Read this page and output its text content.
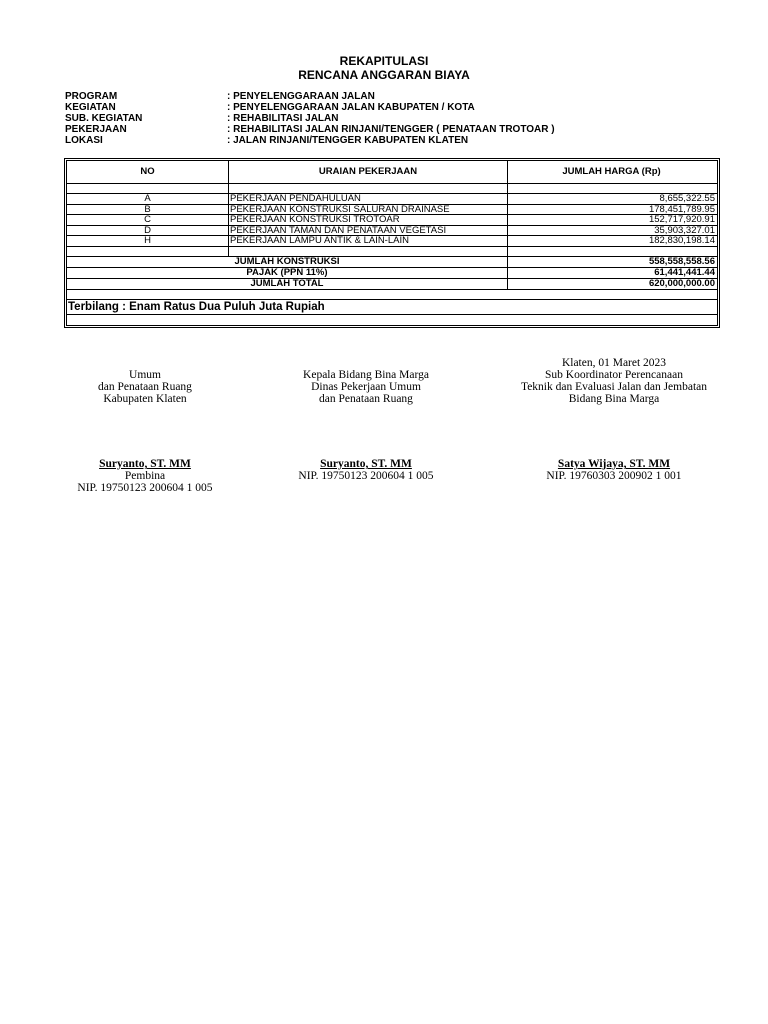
REKAPITULASI
RENCANA ANGGARAN BIAYA
PROGRAM	: PENYELENGGARAAN JALAN
KEGIATAN	: PENYELENGGARAAN JALAN KABUPATEN / KOTA
SUB. KEGIATAN	: REHABILITASI JALAN
PEKERJAAN	: REHABILITASI JALAN RINJANI/TENGGER ( PENATAAN TROTOAR )
LOKASI	: JALAN RINJANI/TENGGER KABUPATEN KLATEN
NO	URAIAN PEKERJAAN	JUMLAH HARGA (Rp)
A	PEKERJAAN PENDAHULUAN	8,655,322.55
B	PEKERJAAN KONSTRUKSI SALURAN DRAINASE	178,451,789.95
C	PEKERJAAN KONSTRUKSI TROTOAR	152,717,920.91
D	PEKERJAAN TAMAN DAN PENATAAN VEGETASI	35,903,327.01
H	PEKERJAAN LAMPU ANTIK & LAIN-LAIN	182,830,198.14
JUMLAH KONSTRUKSI	558,558,558.56
PAJAK (PPN 11%)	61,441,441.44
JUMLAH TOTAL	620,000,000.00
Terbilang : Enam Ratus Dua Puluh Juta Rupiah
Umum
dan Penataan Ruang
Kabupaten Klaten
Kepala Bidang Bina Marga
Dinas Pekerjaan Umum
dan Penataan Ruang
Klaten, 01 Maret 2023
Sub Koordinator Perencanaan
Teknik dan Evaluasi Jalan dan Jembatan
Bidang Bina Marga
Suryanto, ST. MM
Pembina
NIP. 19750123 200604 1 005
Suryanto, ST. MM
NIP. 19750123 200604 1 005
Satya Wijaya, ST. MM
NIP. 19760303 200902 1 001
